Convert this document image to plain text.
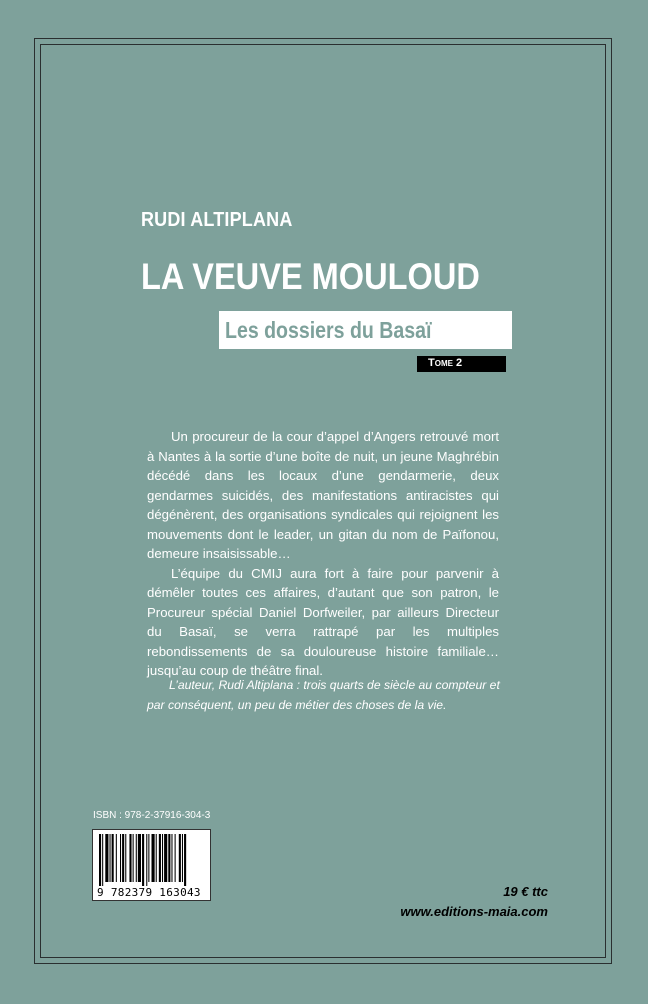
RUDI ALTIPLANA
LA VEUVE MOULOUD
Les dossiers du Basaï
Tome 2

Un procureur de la cour d’appel d’Angers retrouvé mort à Nantes à la sortie d’une boîte de nuit, un jeune Maghrébin décédé dans les locaux d’une gendarmerie, deux gendarmes suicidés, des manifestations antiracistes qui dégénèrent, des organisations syndicales qui rejoignent les mouvements dont le leader, un gitan du nom de Païfonou, demeure insaisissable…

L’équipe du CMIJ aura fort à faire pour parvenir à démêler toutes ces affaires, d’autant que son patron, le Procureur spécial Daniel Dorfweiler, par ailleurs Directeur du Basaï, se verra rattrapé par les multiples rebondissements de sa douloureuse histoire familiale… jusqu’au coup de théâtre final.

L’auteur, Rudi Altiplana : trois quarts de siècle au compteur et par conséquent, un peu de métier des choses de la vie.
ISBN : 978-2-37916-304-3
9 782379 163043	19 € ttc
www.editions-maia.com
